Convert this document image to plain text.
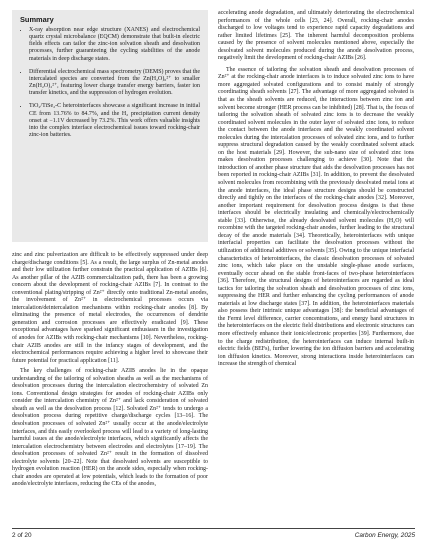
Summary
• X-ray absorption near edge structure (XANES) and electrochemical quartz crystal microbalance (EQCM) demonstrate that built-in electric fields effects can tailor the zinc-ion solvation sheath and desolvation processes, further guaranteeing the cycling stabilities of the anode materials in deep discharge states.
• Differential electrochemical mass spectrometry (DEMS) proves that the intercalated species are converted from the Zn(H₂O)₆²⁺ to smaller Zn(H₂O)₂²⁺, featuring lower charge transfer energy barriers, faster ion transfer kinetics, and the suppression of hydrogen evolution.
• TiO₂/TiSe₂-C heterointerfaces showcase a significant increase in initial CE from 13.76% to 84.7%, and the H₂ precipitation current density onset at −1.1V decreased by 73.2%. This work offers valuable insights into the complex interface electrochemical issues toward rocking-chair zinc-ion batteries.

zinc and zinc pulverization are difficult to be effectively suppressed under deep charge/discharge conditions [5]. As a result, the large surplus of Zn-metal anodes and their low utilization further constrain the practical application of AZIBs [6]. As another pillar of the AZIB commercialization path, there has been a growing concern about the development of rocking-chair AZIBs [7]. In contrast to the conventional plating/stripping of Zn²⁺ directly onto traditional Zn-metal anodes, the involvement of Zn²⁺ in electrochemical processes occurs via intercalation/deintercalation mechanisms within rocking-chair anodes [8]. By eliminating the presence of metal electrodes, the occurrences of dendrite generation and corrosion processes are effectively eradicated [9]. These exceptional advantages have sparked significant enthusiasm in the investigation of anodes for AZIBs with rocking-chair mechanisms [10]. Nevertheless, rocking-chair AZIB anodes are still in the infancy stages of development, and the electrochemical performances require achieving a higher level to showcase their future potential for practical application [11].

The key challenges of rocking-chair AZIB anodes lie in the opaque understanding of the tailoring of solvation sheaths as well as the mechanisms of desolvation processes during the intercalation electrochemistry of solvated Zn ions. Conventional design strategies for anodes of rocking-chair AZIBs only consider the intercalation chemistry of Zn²⁺ and lack consideration of solvated sheath as well as the desolvation process [12]. Solvated Zn²⁺ tends to undergo a desolvation process during repetitive charge/discharge cycles [13–16]. The desolvation processes of solvated Zn²⁺ usually occur at the anode/electrolyte interfaces, and this easily overlooked process will lead to a variety of long-lasting harmful issues at the anode/electrolyte interfaces, which significantly affects the intercalation electrochemistry between electrodes and electrolytes [17–19]. The desolvation processes of solvated Zn²⁺ result in the formation of dissolved electrolyte solvents [20–22]. Note that desolvated solvents are susceptible to hydrogen evolution reaction (HER) on the anode sides, especially when rocking-chair anodes are operated at low potentials, which leads to the formation of poor anode/electrolyte interfaces, reducing the CEs of the anodes,

accelerating anode degradation, and ultimately deteriorating the electrochemical performances of the whole cells [23, 24]. Overall, rocking-chair anodes discharged to low voltages tend to experience rapid capacity degradations and rather limited lifetimes [25]. The inherent harmful decomposition problems caused by the presence of solvent molecules mentioned above, especially the desolvated solvent molecules produced during the anode desolvation process, negatively limit the development of rocking-chair AZIBs [26].

The essence of tailoring the solvation sheath and desolvation processes of Zn²⁺ at the rocking-chair anode interfaces is to induce solvated zinc ions to have more aggregated solvated configurations and to consist mainly of strongly coordinating sheath solvents [27]. The advantage of more aggregated solvated is that as the sheath solvents are reduced, the interactions between zinc ion and solvent become stronger (HER process can be inhibited) [28]. That is, the focus of tailoring the solvation sheath of solvated zinc ions is to decrease the weakly coordinated solvent molecules in the outer layer of solvated zinc ions, to reduce the contact between the anode interfaces and the weakly coordinated solvent molecules during the intercalation processes of solvated zinc ions, and to further suppress structural degradation caused by the weakly coordinated solvent attack on the host materials [29]. However, the sub-nano size of solvated zinc ions makes desolvation processes challenging to achieve [30]. Note that the introduction of another phase structure that aids the desolvation processes has not been reported in rocking-chair AZIBs [31]. In addition, to prevent the desolvated solvent molecules from recombining with the previously desolvated metal ions at the anode interfaces, the ideal phase structure designs should be constructed directly and tightly on the interfaces of the rocking-chair anodes [32]. Moreover, another important requirement for desolvation process designs is that these interfaces should be electrically insulating and chemically/electrochemically stable [33]. Otherwise, the already desolvated solvent molecules (H₂O) will recombine with the targeted rocking-chair anodes, further leading to the structural decay of the anode materials [34]. Theoretically, heterointerfaces with unique interfacial properties can facilitate the desolvation processes without the utilization of additional additives or solvents [35]. Owing to the unique interfacial characteristics of heterointerfaces, the classic desolvation processes of solvated zinc ions, which take place on the unstable single-phase anode surfaces, eventually occur ahead on the stable front-faces of two-phase heterointerfaces [36]. Therefore, the structural designs of heterointerfaces are regarded as ideal tactics for tailoring the solvation sheath and desolvation processes of zinc ions, suppressing the HER and further enhancing the cycling performances of anode materials at low discharge states [37]. In addition, the heterointerfaces materials also possess their intrinsic unique advantages [38]: the beneficial advantages of the Fermi level difference, carrier concentrations, and energy band structures in the heterointerfaces on the electric field distributions and electronic structures can more effectively enhance their ionic/electronic properties [39]. Furthermore, due to the charge redistribution, the heterointerfaces can induce internal built-in electric fields (BEFs), further lowering the ion diffusion barriers and accelerating ion diffusion kinetics. Moreover, strong interactions inside heterointerfaces can increase the strength of chemical

2 of 20	Carbon Energy, 2025
